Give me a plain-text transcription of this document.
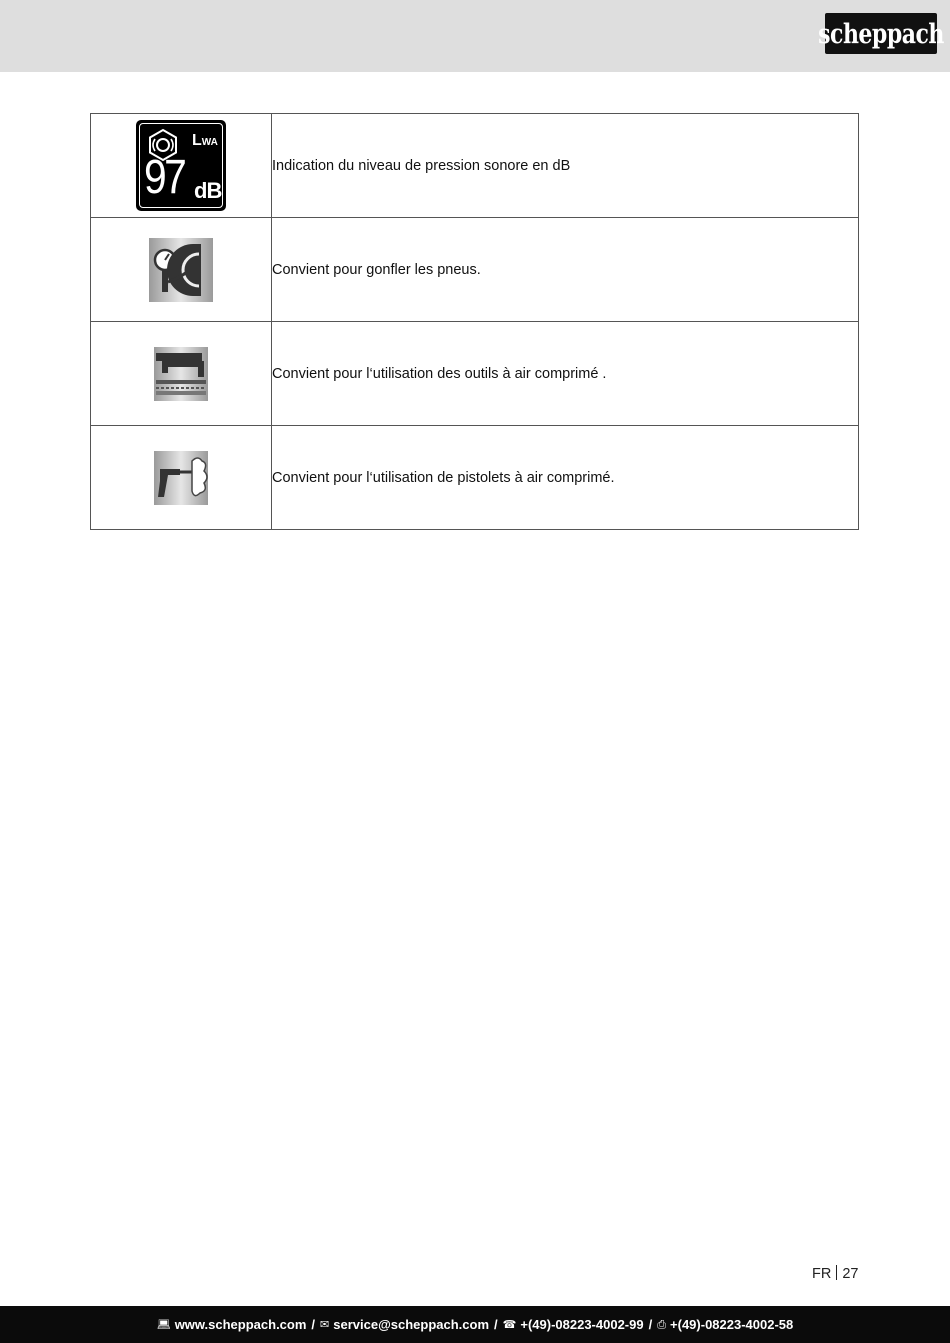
scheppach
LWA
97 dB	Indication du niveau de pression sonore en dB
	Convient pour gonfler les pneus.
	Convient pour l‘utilisation des outils à air comprimé .
	Convient pour l‘utilisation de pistolets à air comprimé.
FR 27
💻︎ www.scheppach.com / ✉ service@scheppach.com / ☎ +(49)-08223-4002-99 / ⎙ +(49)-08223-4002-58
